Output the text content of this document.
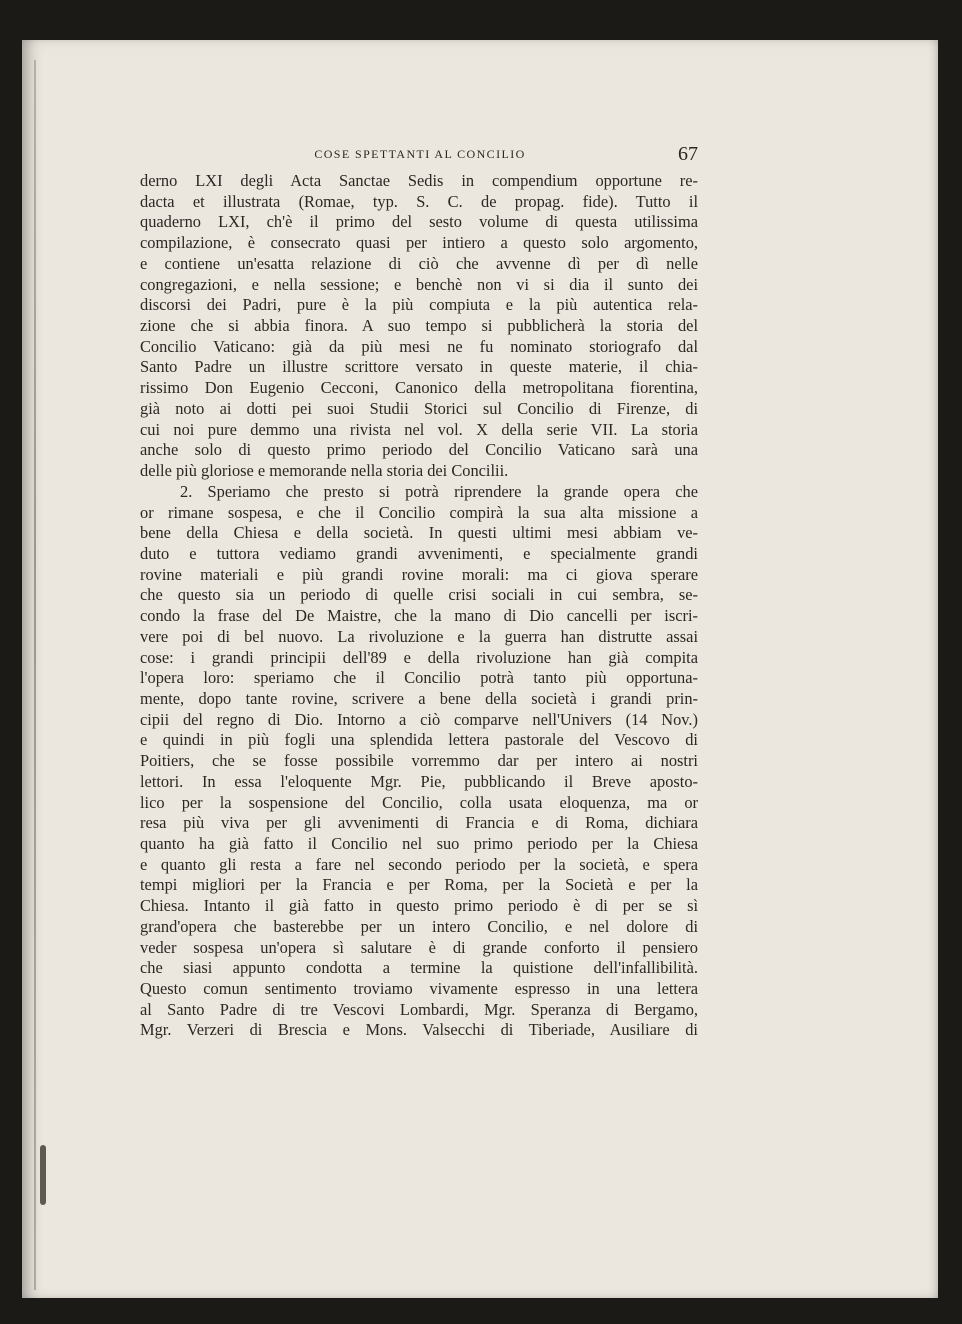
COSE SPETTANTI AL CONCILIO	67
derno LXI degli Acta Sanctae Sedis in compendium opportune re-
dacta et illustrata (Romae, typ. S. C. de propag. fide). Tutto il
quaderno LXI, ch'è il primo del sesto volume di questa utilissima
compilazione, è consecrato quasi per intiero a questo solo argomento,
e contiene un'esatta relazione di ciò che avvenne dì per dì nelle
congregazioni, e nella sessione; e benchè non vi si dia il sunto dei
discorsi dei Padri, pure è la più compiuta e la più autentica rela-
zione che si abbia finora. A suo tempo si pubblicherà la storia del
Concilio Vaticano: già da più mesi ne fu nominato storiografo dal
Santo Padre un illustre scrittore versato in queste materie, il chia-
rissimo Don Eugenio Cecconi, Canonico della metropolitana fiorentina,
già noto ai dotti pei suoi Studii Storici sul Concilio di Firenze, di
cui noi pure demmo una rivista nel vol. X della serie VII. La storia
anche solo di questo primo periodo del Concilio Vaticano sarà una
delle più gloriose e memorande nella storia dei Concilii.
2. Speriamo che presto si potrà riprendere la grande opera che
or rimane sospesa, e che il Concilio compirà la sua alta missione a
bene della Chiesa e della società. In questi ultimi mesi abbiam ve-
duto e tuttora vediamo grandi avvenimenti, e specialmente grandi
rovine materiali e più grandi rovine morali: ma ci giova sperare
che questo sia un periodo di quelle crisi sociali in cui sembra, se-
condo la frase del De Maistre, che la mano di Dio cancelli per iscri-
vere poi di bel nuovo. La rivoluzione e la guerra han distrutte assai
cose: i grandi principii dell'89 e della rivoluzione han già compita
l'opera loro: speriamo che il Concilio potrà tanto più opportuna-
mente, dopo tante rovine, scrivere a bene della società i grandi prin-
cipii del regno di Dio. Intorno a ciò comparve nell'Univers (14 Nov.)
e quindi in più fogli una splendida lettera pastorale del Vescovo di
Poitiers, che se fosse possibile vorremmo dar per intero ai nostri
lettori. In essa l'eloquente Mgr. Pie, pubblicando il Breve aposto-
lico per la sospensione del Concilio, colla usata eloquenza, ma or
resa più viva per gli avvenimenti di Francia e di Roma, dichiara
quanto ha già fatto il Concilio nel suo primo periodo per la Chiesa
e quanto gli resta a fare nel secondo periodo per la società, e spera
tempi migliori per la Francia e per Roma, per la Società e per la
Chiesa. Intanto il già fatto in questo primo periodo è di per se sì
grand'opera che basterebbe per un intero Concilio, e nel dolore di
veder sospesa un'opera sì salutare è di grande conforto il pensiero
che siasi appunto condotta a termine la quistione dell'infallibilità.
Questo comun sentimento troviamo vivamente espresso in una lettera
al Santo Padre di tre Vescovi Lombardi, Mgr. Speranza di Bergamo,
Mgr. Verzeri di Brescia e Mons. Valsecchi di Tiberiade, Ausiliare di
